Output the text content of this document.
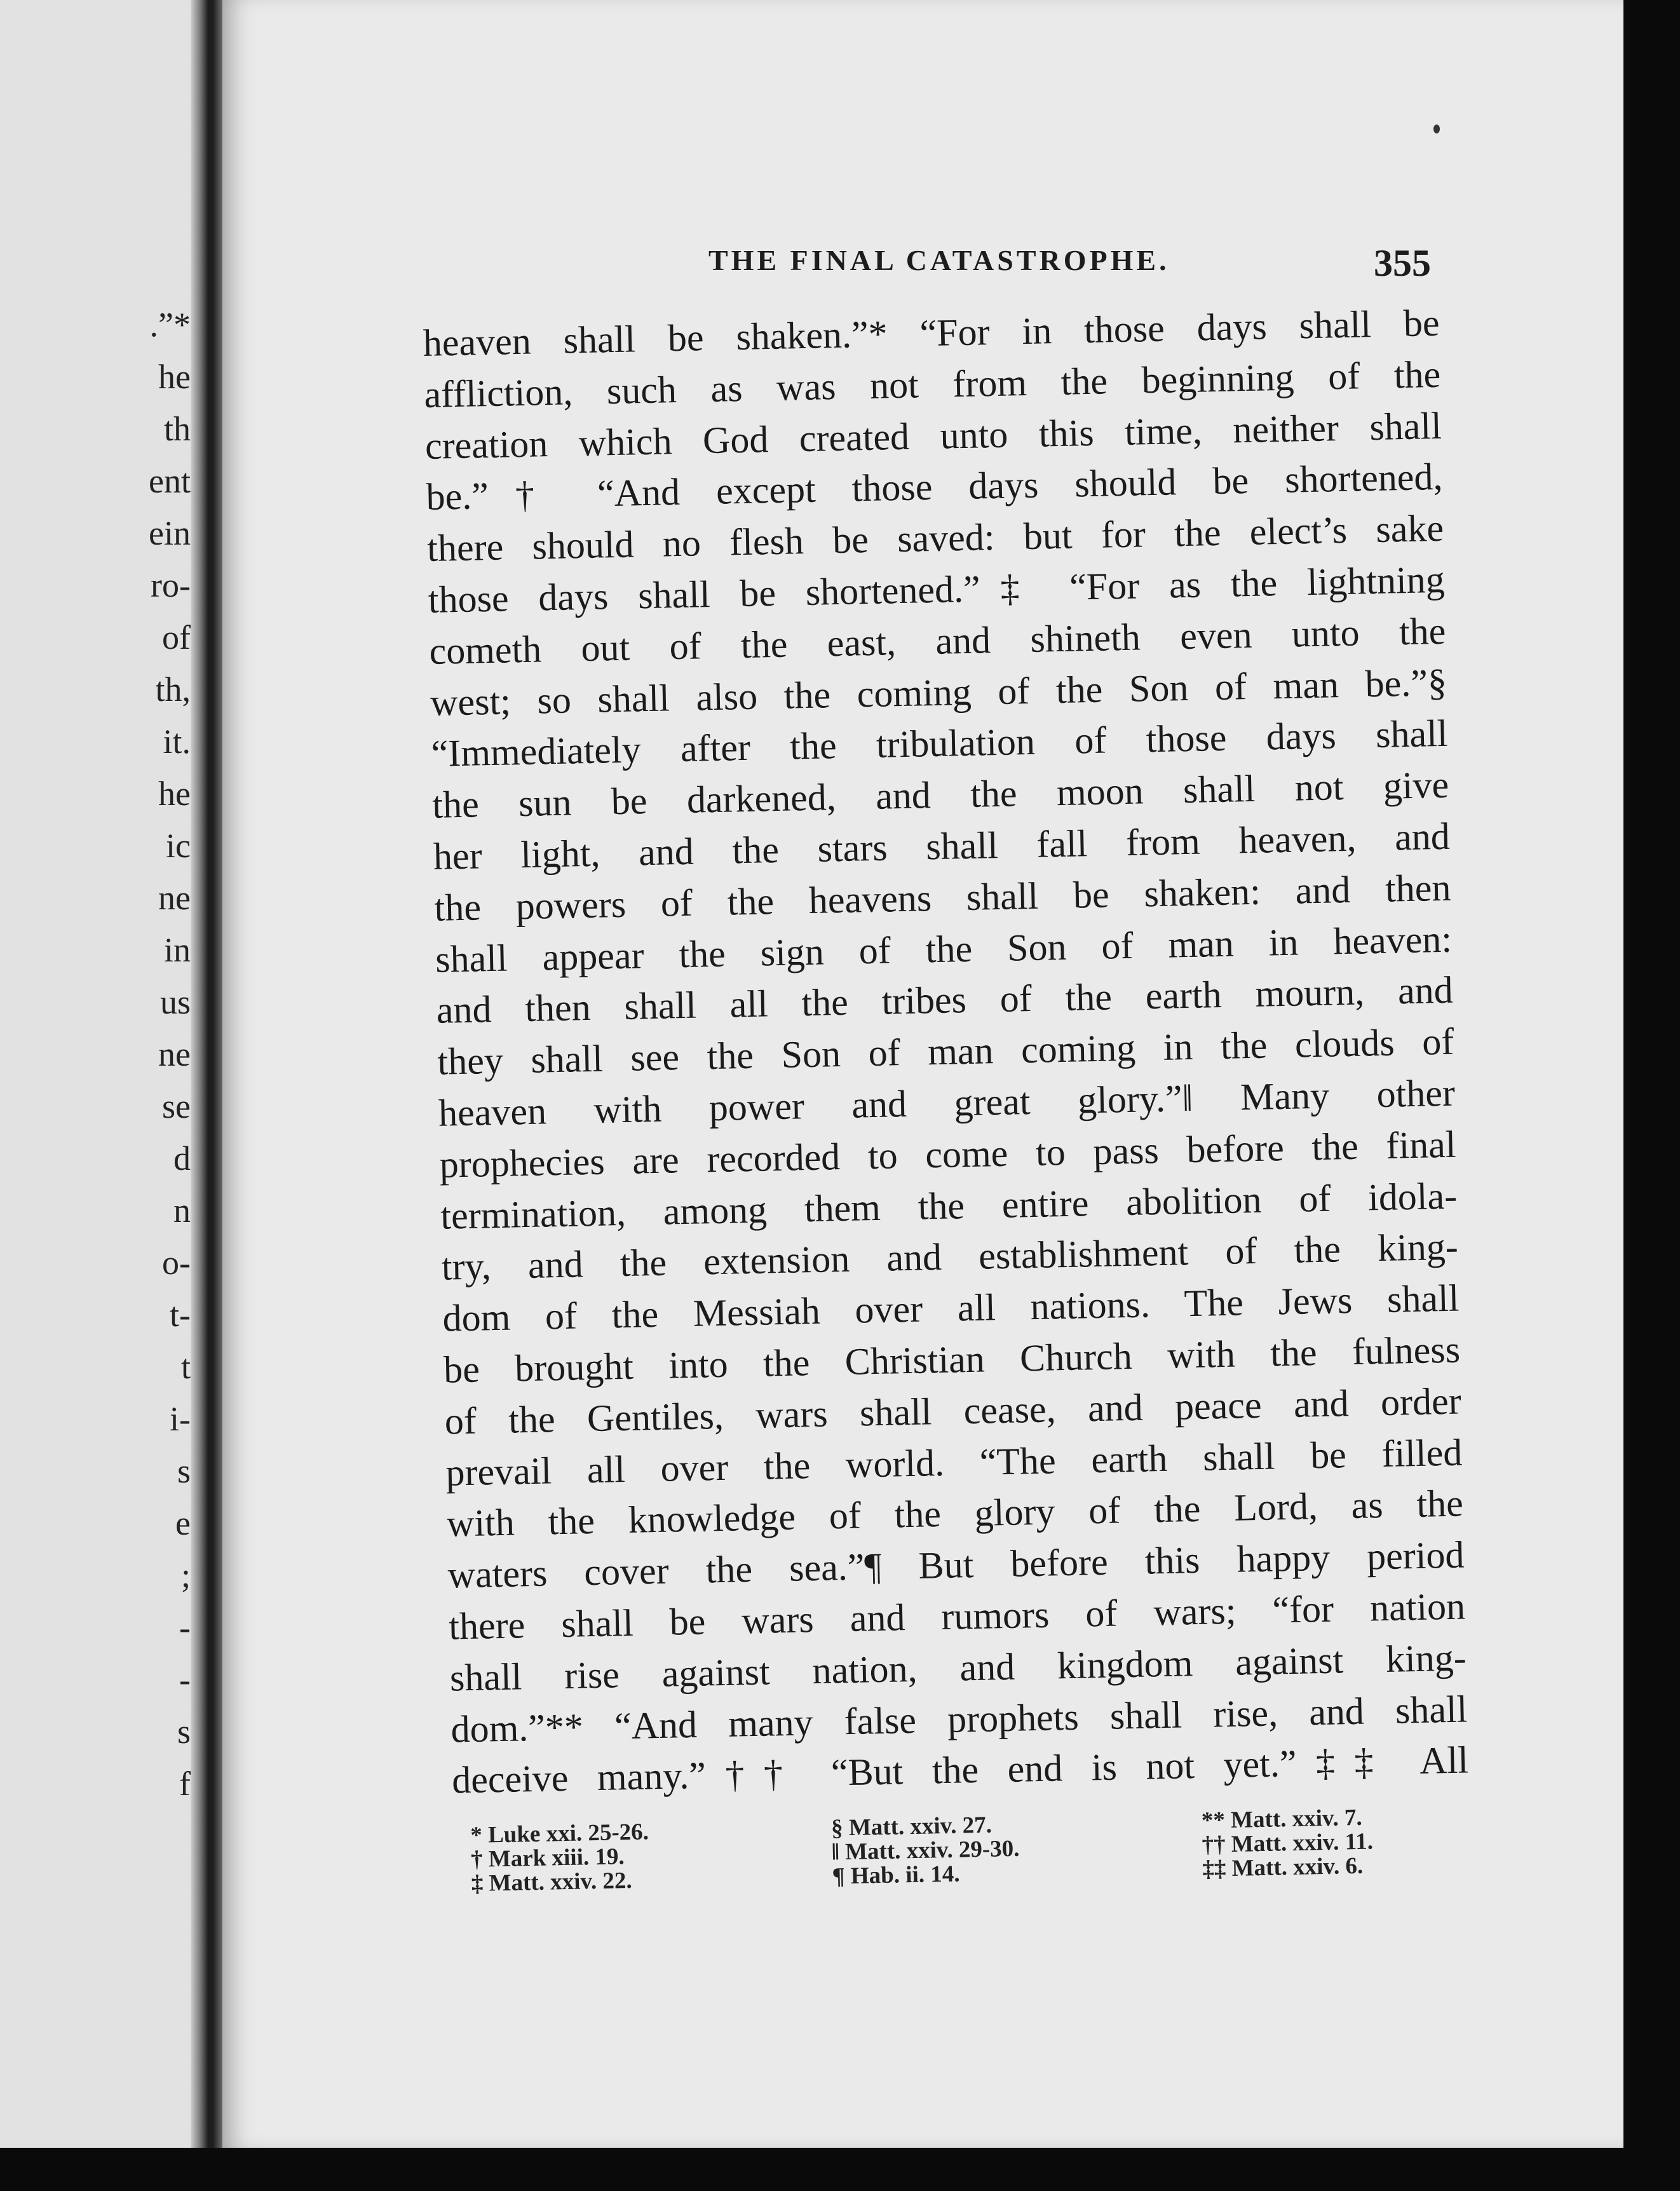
.”*
he
th
ent
ein
ro-
of
th,
it.
he
ic
ne
in
us
ne
se
d
n
o-
t-
t
i-
s
e
;
-
-
s
f
THE FINAL CATASTROPHE.	355
heaven shall be shaken.”* “For in those days shall be
affliction, such as was not from the beginning of the
creation which God created unto this time, neither shall
be.”† “And except those days should be shortened,
there should no flesh be saved: but for the elect’s sake
those days shall be shortened.”‡ “For as the lightning
cometh out of the east, and shineth even unto the
west; so shall also the coming of the Son of man be.”§
“Immediately after the tribulation of those days shall
the sun be darkened, and the moon shall not give
her light, and the stars shall fall from heaven, and
the powers of the heavens shall be shaken: and then
shall appear the sign of the Son of man in heaven:
and then shall all the tribes of the earth mourn, and
they shall see the Son of man coming in the clouds of
heaven with power and great glory.”‖ Many other
prophecies are recorded to come to pass before the final
termination, among them the entire abolition of idola-
try, and the extension and establishment of the king-
dom of the Messiah over all nations. The Jews shall
be brought into the Christian Church with the fulness
of the Gentiles, wars shall cease, and peace and order
prevail all over the world. “The earth shall be filled
with the knowledge of the glory of the Lord, as the
waters cover the sea.”¶ But before this happy period
there shall be wars and rumors of wars; “for nation
shall rise against nation, and kingdom against king-
dom.”** “And many false prophets shall rise, and shall
deceive many.”†† “But the end is not yet.”‡‡ All
* Luke xxi. 25-26.
† Mark xiii. 19.
‡ Matt. xxiv. 22.
§ Matt. xxiv. 27.
‖ Matt. xxiv. 29-30.
¶ Hab. ii. 14.
** Matt. xxiv. 7.
†† Matt. xxiv. 11.
‡‡ Matt. xxiv. 6.
